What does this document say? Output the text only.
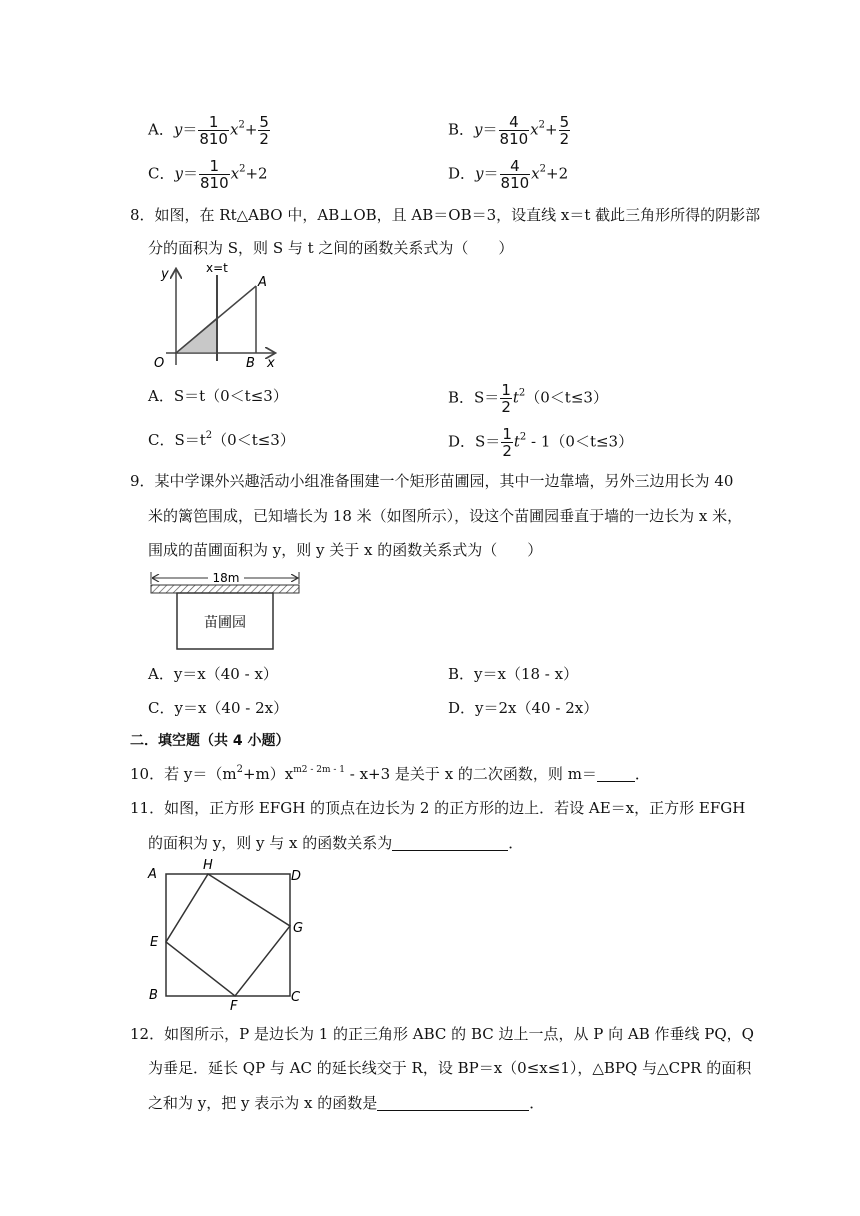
A．$y= \frac{1}{810} x^2+ \frac{5}{2}$	B．$y= \frac{4}{810} x^2+ \frac{5}{2}$
C．$y= \frac{1}{810} x^2+2$	D．$y= \frac{4}{810} x^2+2$
8．如图，在 Rt△ABO 中，AB⊥OB，且 AB＝OB＝3，设直线 x＝t 截此三角形所得的阴影部
分的面积为 S，则 S 与 t 之间的函数关系式为（　　）
y	x=t
A
O	B x
A．S＝t（0＜t≤3）	B．$S= \frac{1}{2} t^2(0<t\le 3)$
C．$S=t^2(0<t\le 3)$	D．$S= \frac{1}{2} t^2 - 1(0<t\le 3)$
9．某中学课外兴趣活动小组准备围建一个矩形苗圃园，其中一边靠墙，另外三边用长为 40
米的篱笆围成，已知墙长为 18 米（如图所示），设这个苗圃园垂直于墙的一边长为 x 米，
围成的苗圃面积为 y，则 y 关于 x 的函数关系式为（　　）
18m
苗圃园
A．y＝x（40 - x）	B．y＝x（18 - x）
C．y＝x（40 - 2x）	D．y＝2x（40 - 2x）
二．填空题（共 4 小题）
10．若 $y=(m^2+m)x^{m2 - 2m - 1} - x+3$ 是关于 x 的二次函数，则 m＝	．
11．如图，正方形 EFGH 的顶点在边长为 2 的正方形的边上．若设 AE＝x，正方形 EFGH
的面积为 y，则 y 与 x 的函数关系为	．
A
H
D
E
G
B
F
C
12．如图所示，P 是边长为 1 的正三角形 ABC 的 BC 边上一点，从 P 向 AB 作垂线 PQ，Q
为垂足．延长 QP 与 AC 的延长线交于 R，设 BP＝x（0≤x≤1），△BPQ 与△CPR 的面积
之和为 y，把 y 表示为 x 的函数是	．
